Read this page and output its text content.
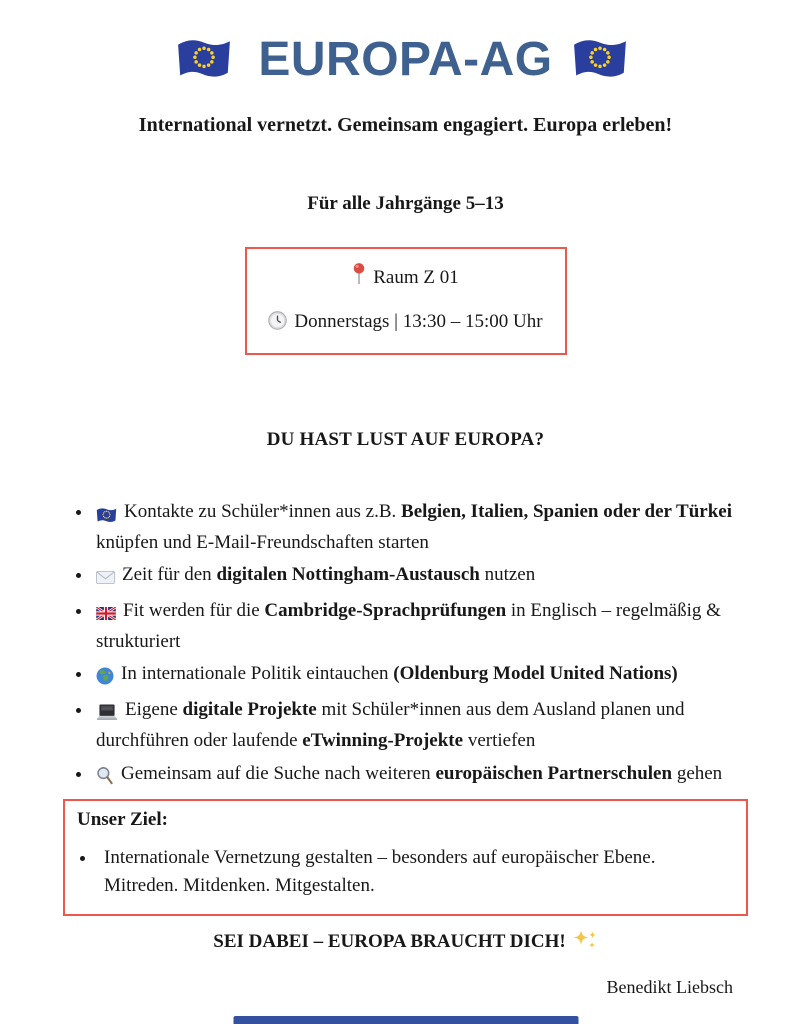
EUROPA-AG
International vernetzt. Gemeinsam engagiert. Europa erleben!
Für alle Jahrgänge 5–13
Raum Z 01
Donnerstags | 13:30 – 15:00 Uhr
DU HAST LUST AUF EUROPA?
• Kontakte zu Schüler*innen aus z.B. Belgien, Italien, Spanien oder der Türkei knüpfen und E-Mail-Freundschaften starten
• Zeit für den digitalen Nottingham-Austausch nutzen
• Fit werden für die Cambridge-Sprachprüfungen in Englisch – regelmäßig & strukturiert
• In internationale Politik eintauchen (Oldenburg Model United Nations)
• Eigene digitale Projekte mit Schüler*innen aus dem Ausland planen und durchführen oder laufende eTwinning-Projekte vertiefen
• Gemeinsam auf die Suche nach weiteren europäischen Partnerschulen gehen
Unser Ziel:
• Internationale Vernetzung gestalten – besonders auf europäischer Ebene. Mitreden. Mitdenken. Mitgestalten.
SEI DABEI – EUROPA BRAUCHT DICH!
Benedikt Liebsch
